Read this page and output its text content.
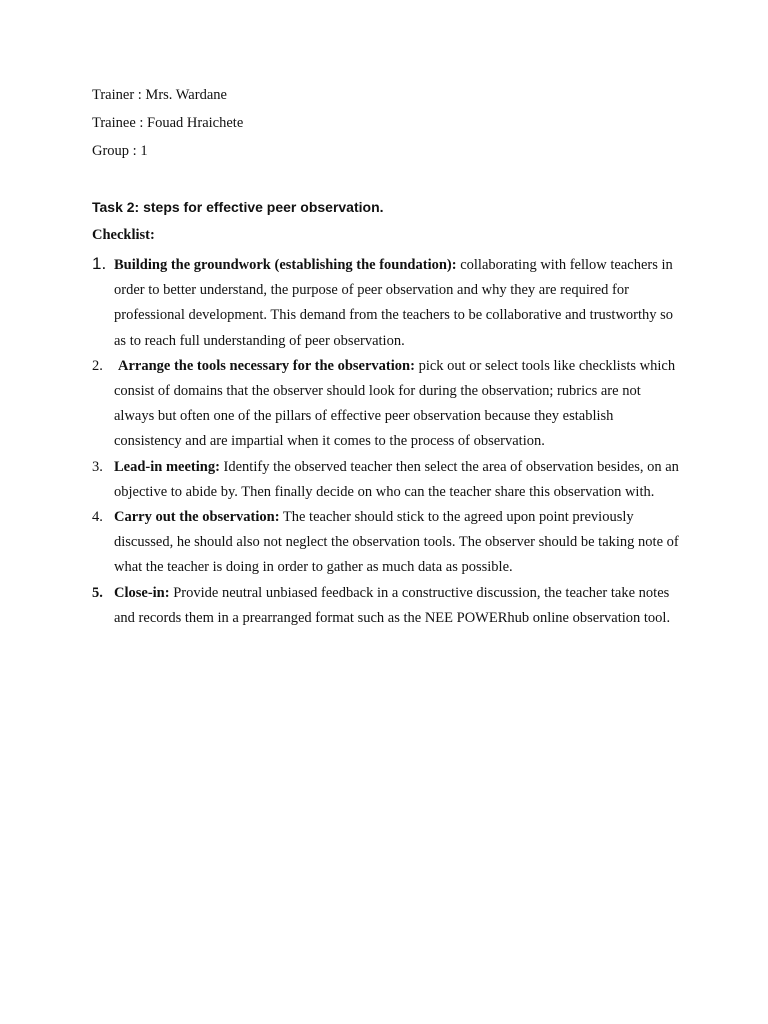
Trainer : Mrs. Wardane
Trainee : Fouad Hraichete
Group : 1
Task 2: steps for effective peer observation.
Checklist:
1. Building the groundwork (establishing the foundation): collaborating with fellow teachers in order to better understand, the purpose of peer observation and why they are required for professional development. This demand from the teachers to be collaborative and trustworthy so as to reach full understanding of peer observation.
2. Arrange the tools necessary for the observation: pick out or select tools like checklists which consist of domains that the observer should look for during the observation; rubrics are not always but often one of the pillars of effective peer observation because they establish consistency and are impartial when it comes to the process of observation.
3. Lead-in meeting: Identify the observed teacher then select the area of observation besides, on an objective to abide by. Then finally decide on who can the teacher share this observation with.
4. Carry out the observation: The teacher should stick to the agreed upon point previously discussed, he should also not neglect the observation tools. The observer should be taking note of what the teacher is doing in order to gather as much data as possible.
5. Close-in: Provide neutral unbiased feedback in a constructive discussion, the teacher take notes and records them in a prearranged format such as the NEE POWERhub online observation tool.
